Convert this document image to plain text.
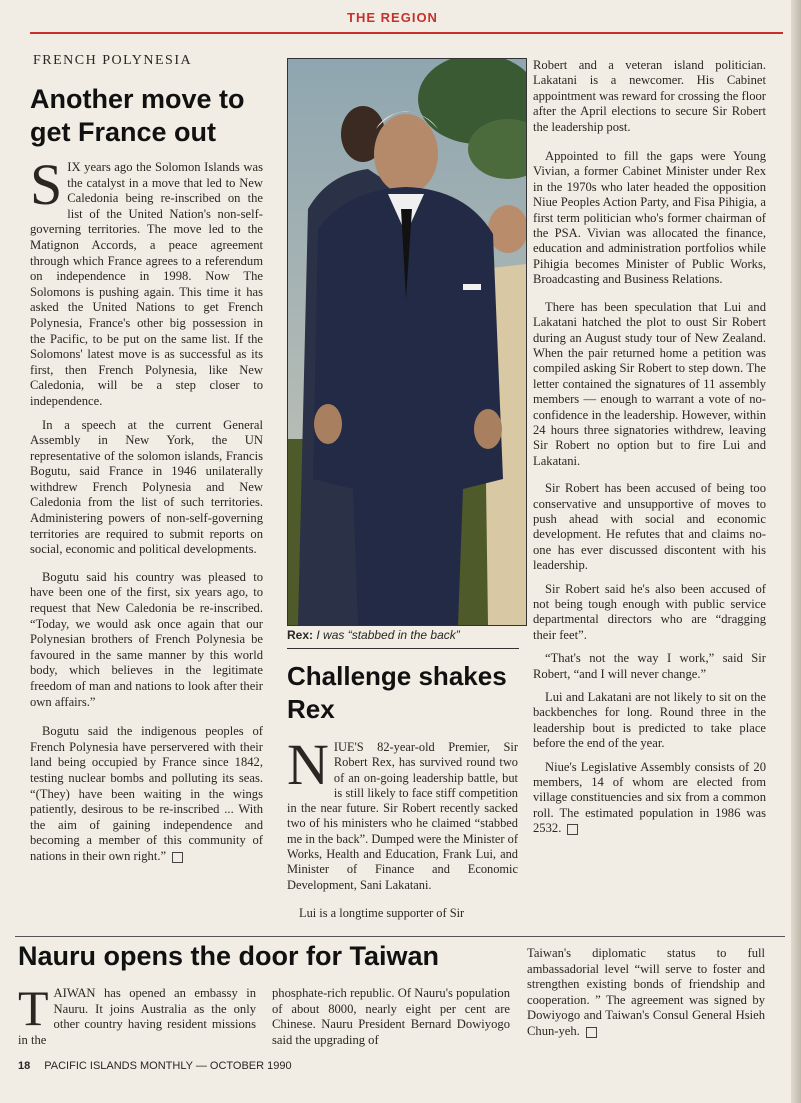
THE REGION
FRENCH POLYNESIA
Another move to get France out

SIX years ago the Solomon Islands was the catalyst in a move that led to New Caledonia being re-inscribed on the list of the United Nation's non-self-governing territories. The move led to the Matignon Accords, a peace agreement through which France agrees to a referendum on independence in 1998. Now The Solomons is pushing again. This time it has asked the United Nations to get French Polynesia, France's other big possession in the Pacific, to be put on the same list. If the Solomons' latest move is as successful as its first, then French Polynesia, like New Caledonia, will be a step closer to independence.

In a speech at the current General Assembly in New York, the UN representative of the solomon islands, Francis Bogutu, said France in 1946 unilaterally withdrew French Polynesia and New Caledonia from the list of such territories. Administering powers of non-self-governing territories are required to submit reports on social, economic and political developments.

Bogutu said his country was pleased to have been one of the first, six years ago, to request that New Caledonia be re-inscribed. “Today, we would ask once again that our Polynesian brothers of French Polynesia be favoured in the same manner by this world body, which believes in the legitimate freedom of man and nations to look after their own affairs.”

Bogutu said the indigenous peoples of French Polynesia have perservered with their land being occupied by France since 1842, testing nuclear bombs and polluting its seas. “(They) have been waiting in the wings patiently, desirous to be re-inscribed ... With the aim of gaining independence and becoming a member of this community of nations in their own right.”

Rex: I was “stabbed in the back”
Challenge shakes Rex

NIUE'S 82-year-old Premier, Sir Robert Rex, has survived round two of an on-going leadership battle, but is still likely to face stiff competition in the near future. Sir Robert recently sacked two of his ministers who he claimed “stabbed me in the back”. Dumped were the Minister of Works, Health and Education, Frank Lui, and Minister of Finance and Economic Development, Sani Lakatani.

Lui is a longtime supporter of Sir

Robert and a veteran island politician. Lakatani is a newcomer. His Cabinet appointment was reward for crossing the floor after the April elections to secure Sir Robert the leadership post.

Appointed to fill the gaps were Young Vivian, a former Cabinet Minister under Rex in the 1970s who later headed the opposition Niue Peoples Action Party, and Fisa Pihigia, a first term politician who's former chairman of the PSA. Vivian was allocated the finance, education and administration portfolios while Pihigia becomes Minister of Public Works, Broadcasting and Business Relations.

There has been speculation that Lui and Lakatani hatched the plot to oust Sir Robert during an August study tour of New Zealand. When the pair returned home a petition was compiled asking Sir Robert to step down. The letter contained the signatures of 11 assembly members — enough to warrant a vote of no-confidence in the leadership. However, within 24 hours three signatories withdrew, leaving Sir Robert no option but to fire Lui and Lakatani.

Sir Robert has been accused of being too conservative and unsupportive of moves to push ahead with social and economic development. He refutes that and claims no-one has ever discussed discontent with his leadership.

Sir Robert said he's also been accused of not being tough enough with public service departmental directors who are “dragging their feet”.

“That's not the way I work,” said Sir Robert, “and I will never change.”

Lui and Lakatani are not likely to sit on the backbenches for long. Round three in the leadership bout is predicted to take place before the end of the year.

Niue's Legislative Assembly consists of 20 members, 14 of whom are elected from village constituencies and six from a common roll. The estimated population in 1986 was 2532.

Nauru opens the door for Taiwan

TAIWAN has opened an embassy in Nauru. It joins Australia as the only other country having resident missions in the

phosphate-rich republic. Of Nauru's population of about 8000, nearly eight per cent are Chinese. Nauru President Bernard Dowiyogo said the upgrading of

Taiwan's diplomatic status to full ambassadorial level “will serve to foster and strengthen existing bonds of friendship and cooperation. ” The agreement was signed by Dowiyogo and Taiwan's Consul General Hsieh Chun-yeh.

18 PACIFIC ISLANDS MONTHLY — OCTOBER 1990
